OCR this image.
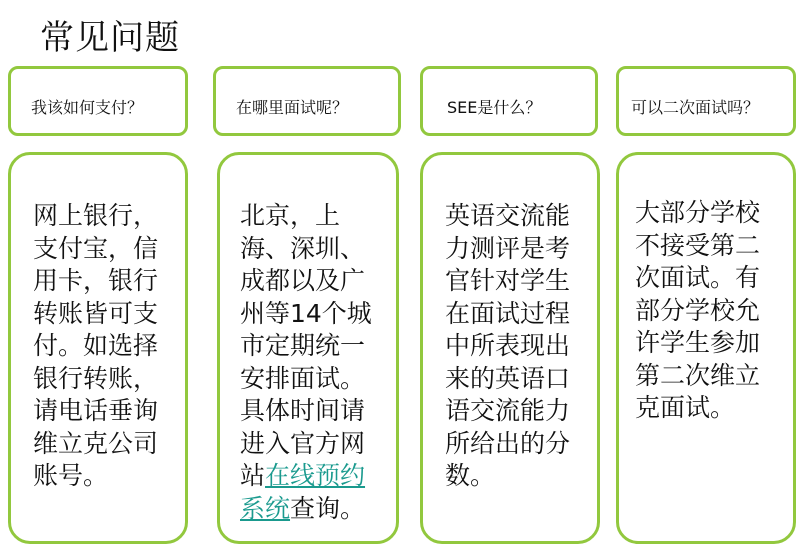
常见问题
我该如何支付？	在哪里面试呢？	SEE是什么？	可以二次面试吗？
网上银行，支付宝，信用卡，银行转账皆可支付。如选择银行转账，请电话垂询维立克公司账号。
北京，上海、深圳、成都以及广州等14个城市定期统一安排面试。具体时间请进入官方网站在线预约系统查询。
英语交流能力测评是考官针对学生在面试过程中所表现出来的英语口语交流能力所给出的分数。
大部分学校不接受第二次面试。有部分学校允许学生参加第二次维立克面试。
